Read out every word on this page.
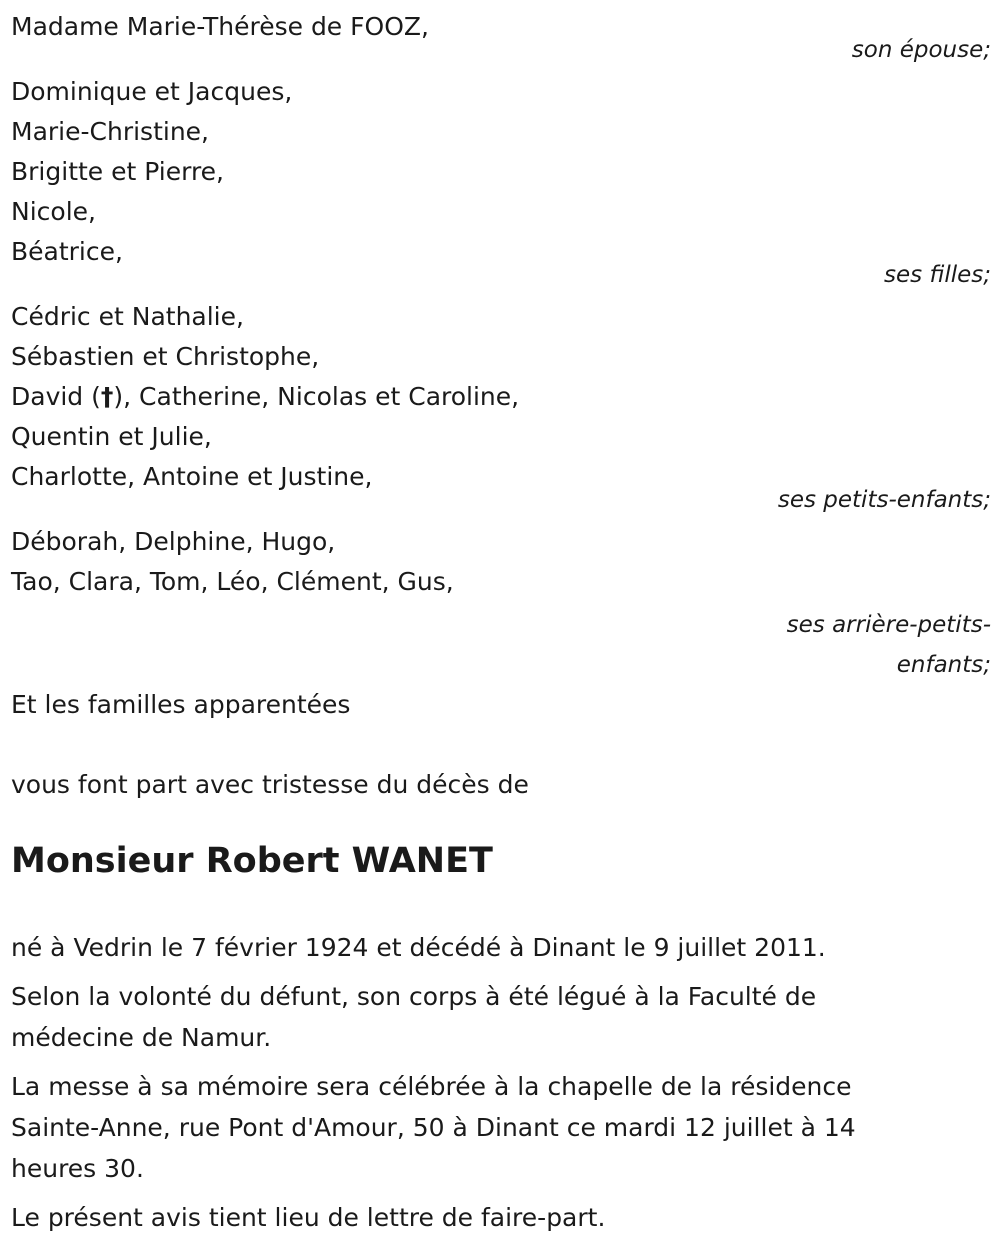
Madame Marie-Thérèse de FOOZ,

son épouse;

Dominique et Jacques,

Marie-Christine,

Brigitte et Pierre,

Nicole,

Béatrice,

ses filles;

Cédric et Nathalie,

Sébastien et Christophe,

David (†), Catherine, Nicolas et Caroline,

Quentin et Julie,

Charlotte, Antoine et Justine,

ses petits-enfants;

Déborah, Delphine, Hugo,

Tao, Clara, Tom, Léo, Clément, Gus,

ses arrière-petits-

enfants;

Et les familles apparentées

vous font part avec tristesse du décès de

Monsieur Robert WANET

né à Vedrin le 7 février 1924 et décédé à Dinant le 9 juillet 2011.

Selon la volonté du défunt, son corps à été légué à la Faculté de médecine de Namur.

La messe à sa mémoire sera célébrée à la chapelle de la résidence Sainte-Anne, rue Pont d'Amour, 50 à Dinant ce mardi 12 juillet à 14 heures 30.

Le présent avis tient lieu de lettre de faire-part.
